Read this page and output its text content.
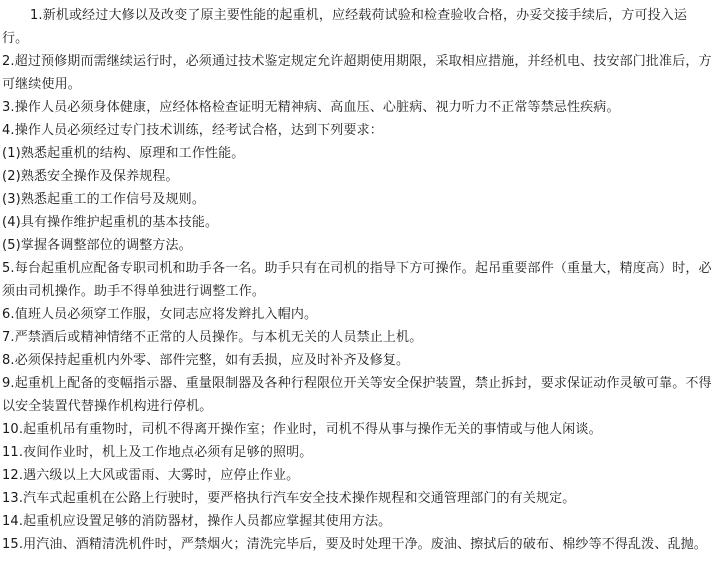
1.新机或经过大修以及改变了原主要性能的起重机，应经载荷试验和检查验收合格，办妥交接手续后，方可投入运行。

2.超过预修期而需继续运行时，必须通过技术鉴定规定允许超期使用期限，采取相应措施，并经机电、技安部门批准后，方可继续使用。

3.操作人员必须身体健康，应经体格检查证明无精神病、高血压、心脏病、视力听力不正常等禁忌性疾病。

4.操作人员必须经过专门技术训练，经考试合格，达到下列要求：

(1)熟悉起重机的结构、原理和工作性能。

(2)熟悉安全操作及保养规程。

(3)熟悉起重工的工作信号及规则。

(4)具有操作维护起重机的基本技能。

(5)掌握各调整部位的调整方法。

5.每台起重机应配备专职司机和助手各一名。助手只有在司机的指导下方可操作。起吊重要部件（重量大，精度高）时，必须由司机操作。助手不得单独进行调整工作。

6.值班人员必须穿工作服，女同志应将发辫扎入帽内。

7.严禁酒后或精神情绪不正常的人员操作。与本机无关的人员禁止上机。

8.必须保持起重机内外零、部件完整，如有丢损，应及时补齐及修复。

9.起重机上配备的变幅指示器、重量限制器及各种行程限位开关等安全保护装置，禁止拆封，要求保证动作灵敏可靠。不得以安全装置代替操作机构进行停机。

10.起重机吊有重物时，司机不得离开操作室；作业时，司机不得从事与操作无关的事情或与他人闲谈。

11.夜间作业时，机上及工作地点必须有足够的照明。

12.遇六级以上大风或雷雨、大雾时，应停止作业。

13.汽车式起重机在公路上行驶时，要严格执行汽车安全技术操作规程和交通管理部门的有关规定。

14.起重机应设置足够的消防器材，操作人员都应掌握其使用方法。

15.用汽油、酒精清洗机件时，严禁烟火；清洗完毕后，要及时处理干净。废油、擦拭后的破布、棉纱等不得乱泼、乱抛。
